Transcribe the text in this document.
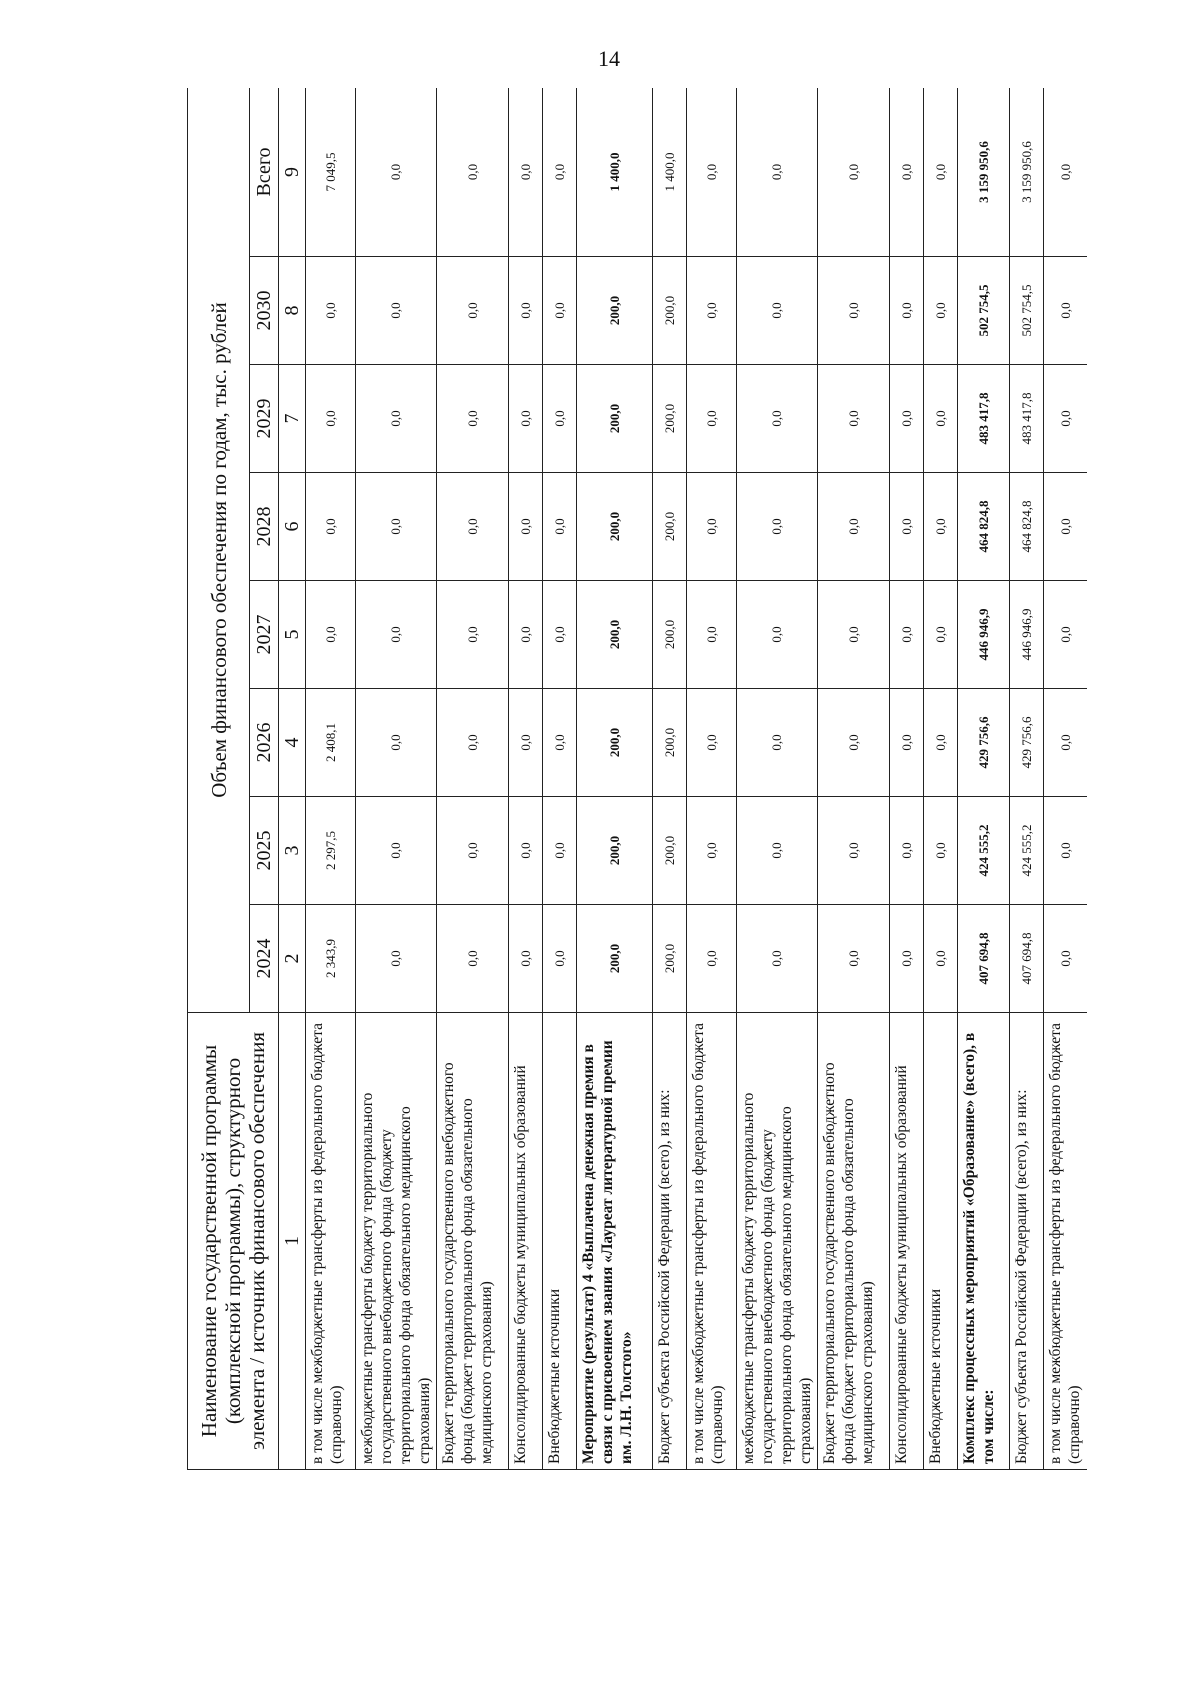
14
Наименование государственной программы (комплексной программы), структурного элемента / источник финансового обеспечения	Объем финансового обеспечения по годам, тыс. рублей							
	2024	2025	2026	2027	2028	2029	2030	Всего
1	2	3	4	5	6	7	8	9
в том числе межбюджетные трансферты из федерального бюджета (справочно)	2 343,9	2 297,5	2 408,1	0,0	0,0	0,0	0,0	7 049,5
межбюджетные трансферты бюджету территориального государственного внебюджетного фонда (бюджету территориального фонда обязательного медицинского страхования)	0,0	0,0	0,0	0,0	0,0	0,0	0,0	0,0
Бюджет территориального государственного внебюджетного фонда (бюджет территориального фонда обязательного медицинского страхования)	0,0	0,0	0,0	0,0	0,0	0,0	0,0	0,0
Консолидированные бюджеты муниципальных образований	0,0	0,0	0,0	0,0	0,0	0,0	0,0	0,0
Внебюджетные источники	0,0	0,0	0,0	0,0	0,0	0,0	0,0	0,0
Мероприятие (результат) 4 «Выплачена денежная премия в связи с присвоением звания «Лауреат литературной премии им. Л.Н. Толстого»	200,0	200,0	200,0	200,0	200,0	200,0	200,0	1 400,0
Бюджет субъекта Российской Федерации (всего), из них:	200,0	200,0	200,0	200,0	200,0	200,0	200,0	1 400,0
в том числе межбюджетные трансферты из федерального бюджета (справочно)	0,0	0,0	0,0	0,0	0,0	0,0	0,0	0,0
межбюджетные трансферты бюджету территориального государственного внебюджетного фонда (бюджету территориального фонда обязательного медицинского страхования)	0,0	0,0	0,0	0,0	0,0	0,0	0,0	0,0
Бюджет территориального государственного внебюджетного фонда (бюджет территориального фонда обязательного медицинского страхования)	0,0	0,0	0,0	0,0	0,0	0,0	0,0	0,0
Консолидированные бюджеты муниципальных образований	0,0	0,0	0,0	0,0	0,0	0,0	0,0	0,0
Внебюджетные источники	0,0	0,0	0,0	0,0	0,0	0,0	0,0	0,0
Комплекс процессных мероприятий «Образование» (всего), в том числе:	407 694,8	424 555,2	429 756,6	446 946,9	464 824,8	483 417,8	502 754,5	3 159 950,6
Бюджет субъекта Российской Федерации (всего), из них:	407 694,8	424 555,2	429 756,6	446 946,9	464 824,8	483 417,8	502 754,5	3 159 950,6
в том числе межбюджетные трансферты из федерального бюджета (справочно)	0,0	0,0	0,0	0,0	0,0	0,0	0,0	0,0
